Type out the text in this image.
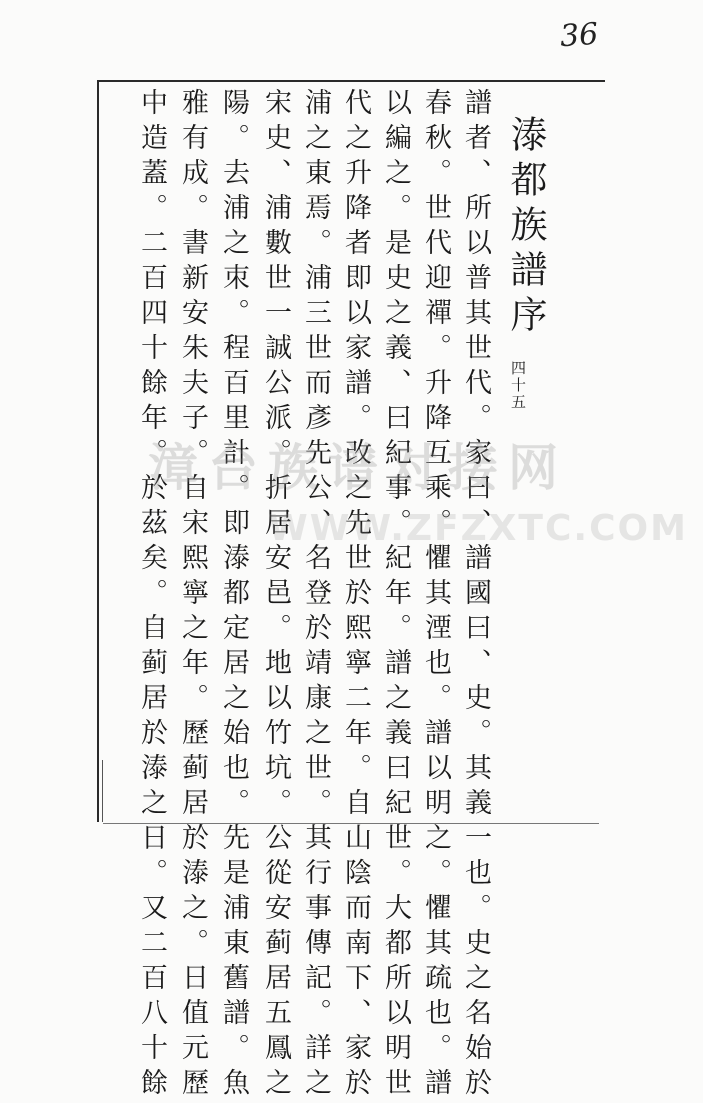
36
溙都族譜序
四十五
譜者、所以普其世代。家曰、譜國曰、史。其義一也。史之名始於
春秋。世代迎禪。升降互乘。懼其湮也。譜以明之。懼其疏也。譜
以編之。是史之義、曰紀事。紀年。譜之義曰紀世。大都所以明世
代之升降者即以家譜。改之先世於熙寧二年。自山陰而南下、家於
浦之東焉。浦三世而彥先公、名登於靖康之世。其行事傳記。詳之
宋史、浦數世一誠公派。折居安邑。地以竹坑。公從安蓟居五鳳之
陽。去浦之朿。程百里計。即溙都定居之始也。先是浦東舊譜。魚
雅有成。書新安朱夫子。自宋熙寧之年。歷蓟居於溙之。日值元歷
中造蓋。二百四十餘年。於茲矣。自蓟居於溙之日。又二百八十餘
漳台族谱对接网
WWW.ZFZXTC.COM
